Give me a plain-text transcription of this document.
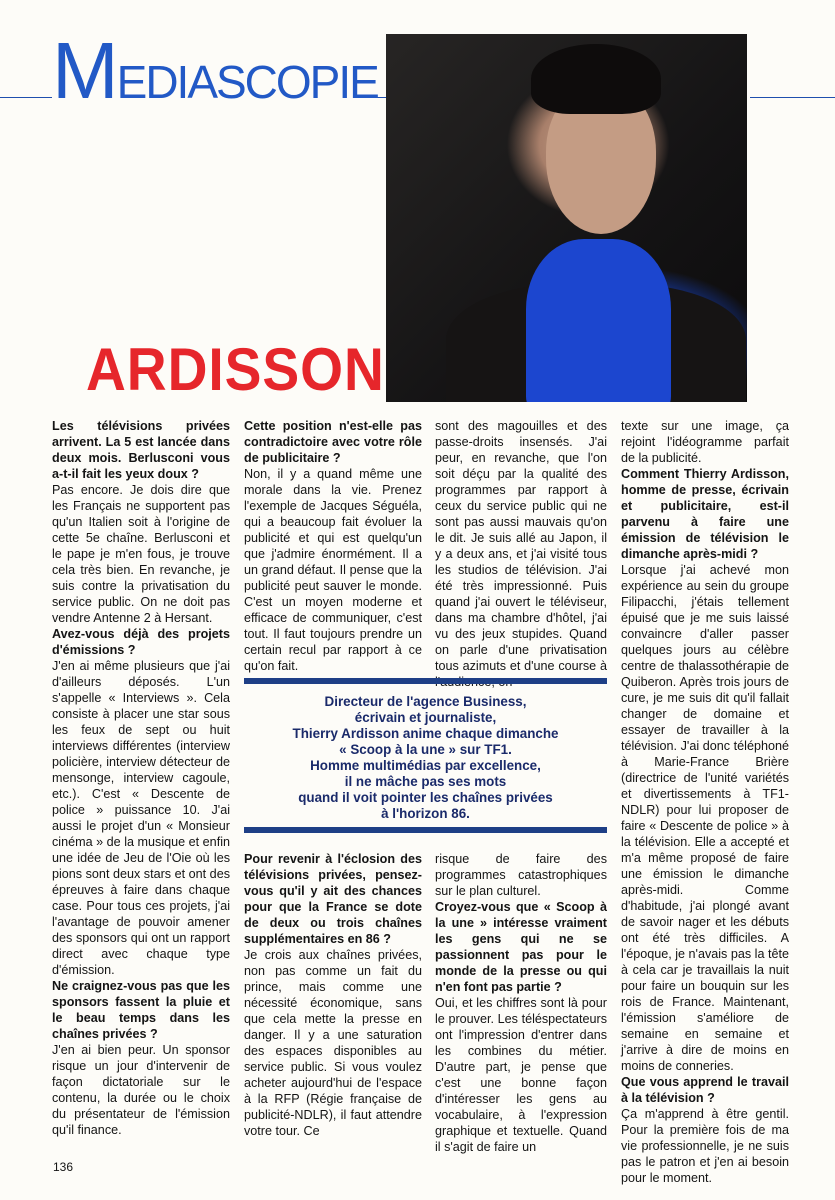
M EDIASCOPIE
ARDISSON

Les télévisions privées arrivent. La 5 est lancée dans deux mois. Berlusconi vous a-t-il fait les yeux doux ?

Pas encore. Je dois dire que les Français ne supportent pas qu'un Italien soit à l'origine de cette 5e chaîne. Berlusconi et le pape je m'en fous, je trouve cela très bien. En revanche, je suis contre la privatisation du service public. On ne doit pas vendre Antenne 2 à Hersant.

Avez-vous déjà des projets d'émissions ?

J'en ai même plusieurs que j'ai d'ailleurs déposés. L'un s'appelle « Interviews ». Cela consiste à placer une star sous les feux de sept ou huit interviews différentes (interview policière, interview détecteur de mensonge, interview cagoule, etc.). C'est « Descente de police » puissance 10. J'ai aussi le projet d'un « Monsieur cinéma » de la musique et enfin une idée de Jeu de l'Oie où les pions sont deux stars et ont des épreuves à faire dans chaque case. Pour tous ces projets, j'ai l'avantage de pouvoir amener des sponsors qui ont un rapport direct avec chaque type d'émission.

Ne craignez-vous pas que les sponsors fassent la pluie et le beau temps dans les chaînes privées ?

J'en ai bien peur. Un sponsor risque un jour d'intervenir de façon dictatoriale sur le contenu, la durée ou le choix du présentateur de l'émission qu'il finance.

Cette position n'est-elle pas contradictoire avec votre rôle de publicitaire ?

Non, il y a quand même une morale dans la vie. Prenez l'exemple de Jacques Séguéla, qui a beaucoup fait évoluer la publicité et qui est quelqu'un que j'admire énormément. Il a un grand défaut. Il pense que la publicité peut sauver le monde. C'est un moyen moderne et efficace de communiquer, c'est tout. Il faut toujours prendre un certain recul par rapport à ce qu'on fait.

sont des magouilles et des passe-droits insensés. J'ai peur, en revanche, que l'on soit déçu par la qualité des programmes par rapport à ceux du service public qui ne sont pas aussi mauvais qu'on le dit. Je suis allé au Japon, il y a deux ans, et j'ai visité tous les studios de télévision. J'ai été très impressionné. Puis quand j'ai ouvert le téléviseur, dans ma chambre d'hôtel, j'ai vu des jeux stupides. Quand on parle d'une privatisation tous azimuts et d'une course à

Directeur de l'agence Business,
écrivain et journaliste,
Thierry Ardisson anime chaque dimanche
« Scoop à la une » sur TF1.
Homme multimédias par excellence,
il ne mâche pas ses mots
quand il voit pointer les chaînes privées
à l'horizon 86.

Pour revenir à l'éclosion des télévisions privées, pensez-vous qu'il y ait des chances pour que la France se dote de deux ou trois chaînes supplémentaires en 86 ?

Je crois aux chaînes privées, non pas comme un fait du prince, mais comme une nécessité économique, sans que cela mette la presse en danger. Il y a une saturation des espaces disponibles au service public. Si vous voulez acheter aujourd'hui de l'espace à la RFP (Régie française de publicité-NDLR), il faut attendre votre tour. Ce

risque de faire des programmes catastrophiques sur le plan culturel.

Croyez-vous que « Scoop à la une » intéresse vraiment les gens qui ne se passionnent pas pour le monde de la presse ou qui n'en font pas partie ?

Oui, et les chiffres sont là pour le prouver. Les téléspectateurs ont l'impression d'entrer dans les combines du métier. D'autre part, je pense que c'est une bonne façon d'intéresser les gens au vocabulaire, à l'expression graphique et textuelle. Quand il s'agit de faire un

texte sur une image, ça rejoint l'idéogramme parfait de la publicité.

Comment Thierry Ardisson, homme de presse, écrivain et publicitaire, est-il parvenu à faire une émission de télévision le dimanche après-midi ?

Lorsque j'ai achevé mon expérience au sein du groupe Filipacchi, j'étais tellement épuisé que je me suis laissé convaincre d'aller passer quelques jours au célèbre centre de thalassothérapie de Quiberon. Après trois jours de cure, je me suis dit qu'il fallait changer de domaine et essayer de travailler à la télévision. J'ai donc téléphoné à Marie-France Brière (directrice de l'unité variétés et divertissements à TF1-NDLR) pour lui proposer de faire « Descente de police » à la télévision. Elle a accepté et m'a même proposé de faire une émission le dimanche après-midi. Comme d'habitude, j'ai plongé avant de savoir nager et les débuts ont été très difficiles. A l'époque, je n'avais pas la tête à cela car je travaillais la nuit pour faire un bouquin sur les rois de France. Maintenant, l'émission s'améliore de semaine en semaine et j'arrive à dire de moins en moins de conneries.

Que vous apprend le travail à la télévision ?

Ça m'apprend à être gentil. Pour la première fois de ma vie professionnelle, je ne suis pas le patron et j'en ai besoin pour le moment.

136
